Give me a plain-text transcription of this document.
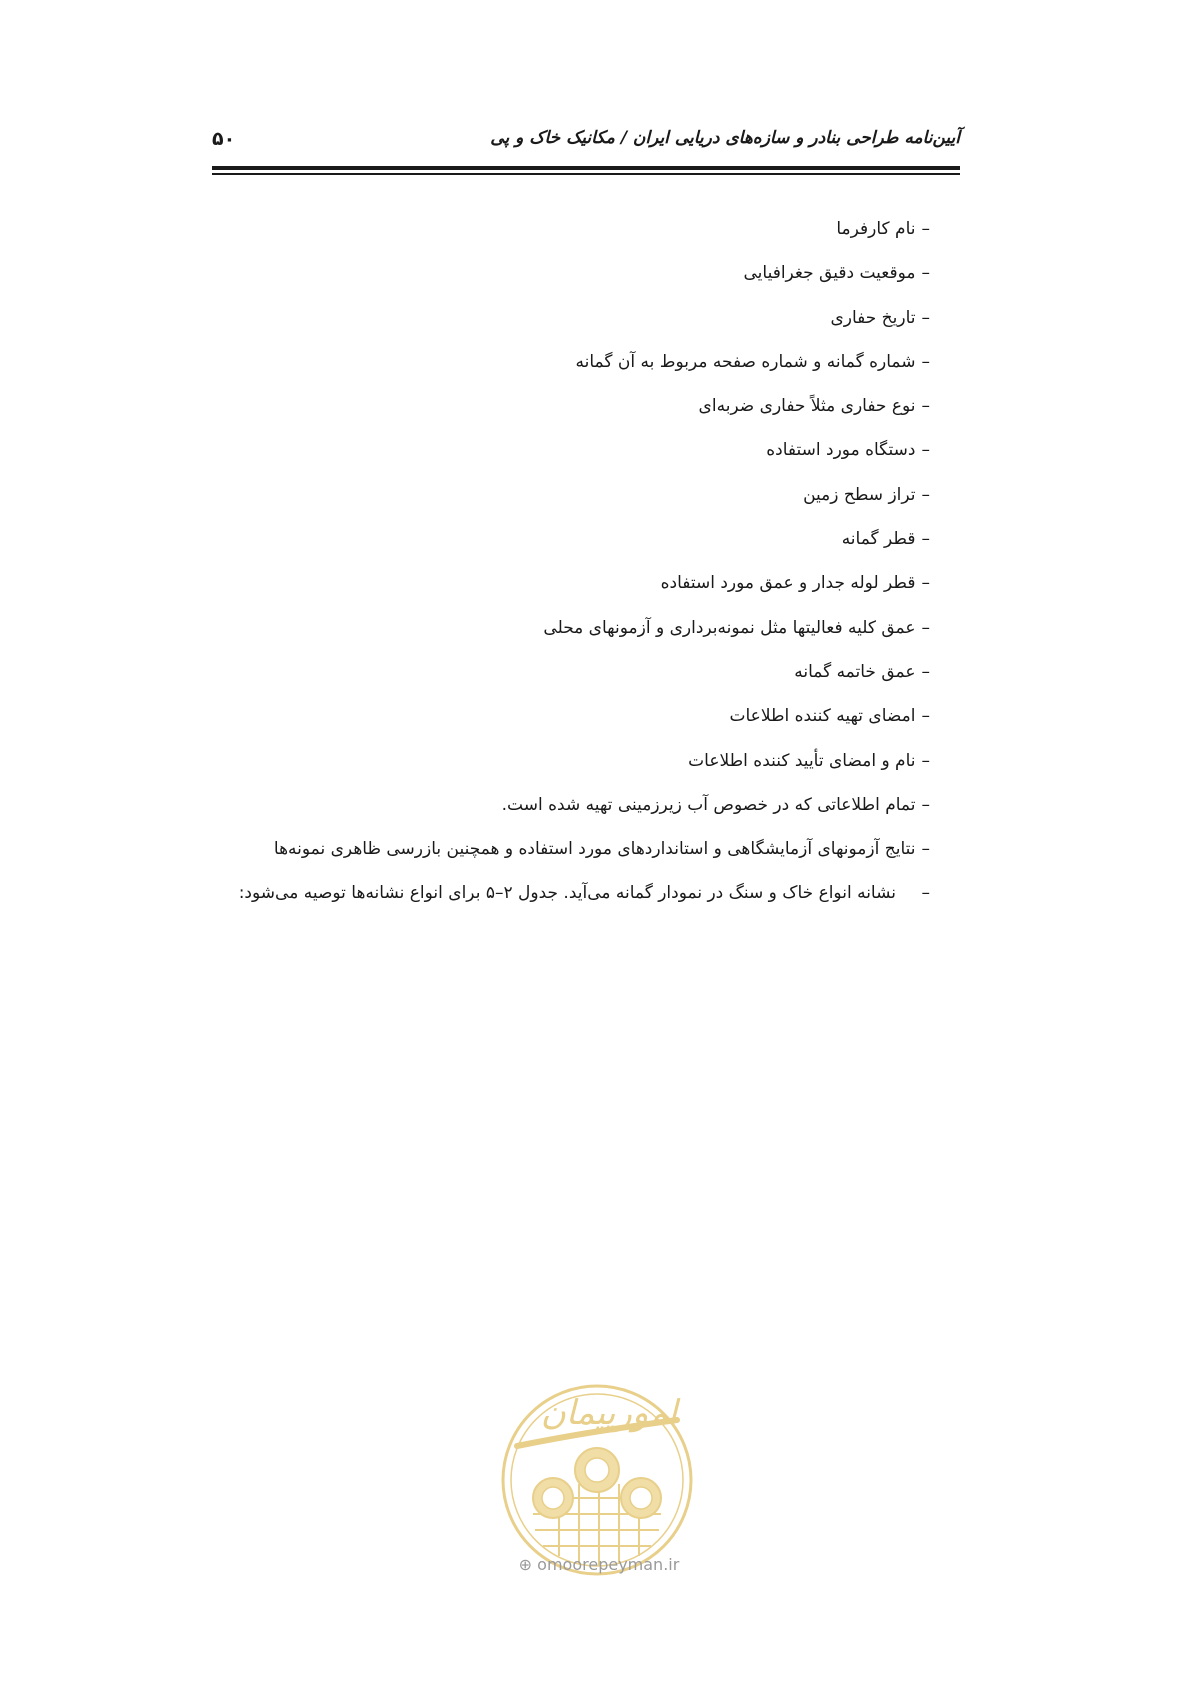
۵۰	آیین‌نامه طراحی بنادر و سازه‌های دریایی ایران / مکانیک خاک و پی
–نام کارفرما
–موقعیت دقیق جغرافیایی
–تاریخ حفاری
–شماره گمانه و شماره صفحه مربوط به آن گمانه
–نوع حفاری مثلاً حفاری ضربه‌ای
–دستگاه مورد استفاده
–تراز سطح زمین
–قطر گمانه
–قطر لوله جدار و عمق مورد استفاده
–عمق کلیه فعالیتها مثل نمونه‌برداری و آزمونهای محلی
–عمق خاتمه گمانه
–امضای تهیه کننده اطلاعات
–نام و امضای تأیید کننده اطلاعات
–تمام اطلاعاتی که در خصوص آب زیرزمینی تهیه شده است.
–نتایج آزمونهای آزمایشگاهی و استانداردهای مورد استفاده و همچنین بازرسی ظاهری نمونه‌ها
–
نشانه انواع خاک و سنگ در نمودار گمانه می‌آید. جدول ۲–۵ برای انواع نشانه‌ها توصیه می‌شود:
امورپیمان
⊕ omoorepeyman.ir
